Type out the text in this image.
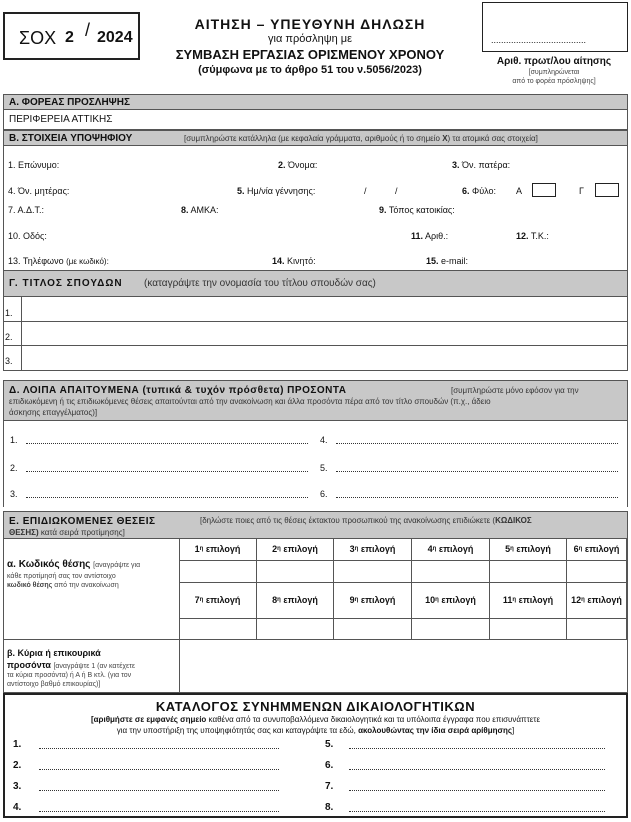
ΣΟΧ 2 / 2024
ΑΙΤΗΣΗ – ΥΠΕΥΘΥΝΗ ΔΗΛΩΣΗ
για πρόσληψη με
ΣΥΜΒΑΣΗ ΕΡΓΑΣΙΑΣ ΟΡΙΣΜΕΝΟΥ ΧΡΟΝΟΥ
(σύμφωνα με το άρθρο 51 του ν.5056/2023)
......................................
Αριθ. πρωτ/λου αίτησης
[συμπληρώνεται
από το φορέα πρόσληψης]
Α. ΦΟΡΕΑΣ ΠΡΟΣΛΗΨΗΣ
ΠΕΡΙΦΕΡΕΙΑ ΑΤΤΙΚΗΣ
Β. ΣΤΟΙΧΕΙΑ ΥΠΟΨΗΦΙΟΥ	[συμπληρώστε κατάλληλα (με κεφαλαία γράμματα, αριθμούς ή το σημείο X) τα ατομικά σας στοιχεία]
1. Επώνυμο:	2. Όνομα:	3. Όν. πατέρα:
4. Όν. μητέρας:	5. Ημ/νία γέννησης:	/	/	6. Φύλο: Α	Γ
7. Α.Δ.Τ.:	8. ΑΜΚΑ:	9. Τόπος κατοικίας:
10. Οδός:	11. Αριθ.:	12. Τ.Κ.:
13. Τηλέφωνο (με κωδικό):	14. Κινητό:	15. e-mail:
Γ. ΤΙΤΛΟΣ ΣΠΟΥΔΩΝ (καταγράψτε την ονομασία του τίτλου σπουδών σας)
1.
2.
3.
Δ. ΛΟΙΠΑ ΑΠΑΙΤΟΥΜΕΝΑ (τυπικά & τυχόν πρόσθετα) ΠΡΟΣΟΝΤΑ	[συμπληρώστε μόνο εφόσον για την
επιδιωκόμενη ή τις επιδιωκόμενες θέσεις απαιτούνται από την ανακοίνωση και άλλα προσόντα πέρα από τον τίτλο σπουδών (π.χ., άδειο
άσκησης επαγγέλματος)]
1.	4.
2.	5.
3.	6.
Ε. ΕΠΙΔΙΩΚΟΜΕΝΕΣ ΘΕΣΕΙΣ	[δηλώστε ποιες από τις θέσεις έκτακτου προσωπικού της ανακοίνωσης επιδιώκετε (ΚΩΔΙΚΟΣ
ΘΕΣΗΣ) κατά σειρά προτίμησης]
α. Κωδικός θέσης [αναγράψτε για
κάθε προτίμησή σας τον αντίστοιχο
κωδικό θέσης από την ανακοίνωση
1 η επιλογή	2 η επιλογή	3 η επιλογή	4 η επιλογή	5 η επιλογή	6 η επιλογή
7 η επιλογή	8 η επιλογή	9 η επιλογή	10 η επιλογή	11 η επιλογή 12 η επιλογή
β. Κύρια ή επικουρικά
προσόντα [αναγράψτε 1 (αν κατέχετε
τα κύρια προσόντα) ή Α ή Β κτλ. (για τον
αντίστοιχο βαθμό επικουρίας)]
ΚΑΤΑΛΟΓΟΣ ΣΥΝΗΜΜΕΝΩΝ ΔΙΚΑΙΟΛΟΓΗΤΙΚΩΝ
[αριθμήστε σε εμφανές σημείο καθένα από τα συνυποβαλλόμενα δικαιολογητικά και τα υπόλοιπα έγγραφα που επισυνάπτετε
για την υποστήριξη της υποψηφιότητάς σας και καταγράψτε τα εδώ, ακολουθώντας την ίδια σειρά αρίθμησης]
1.	5.
2.	6.
3.	7.
4.	8.
